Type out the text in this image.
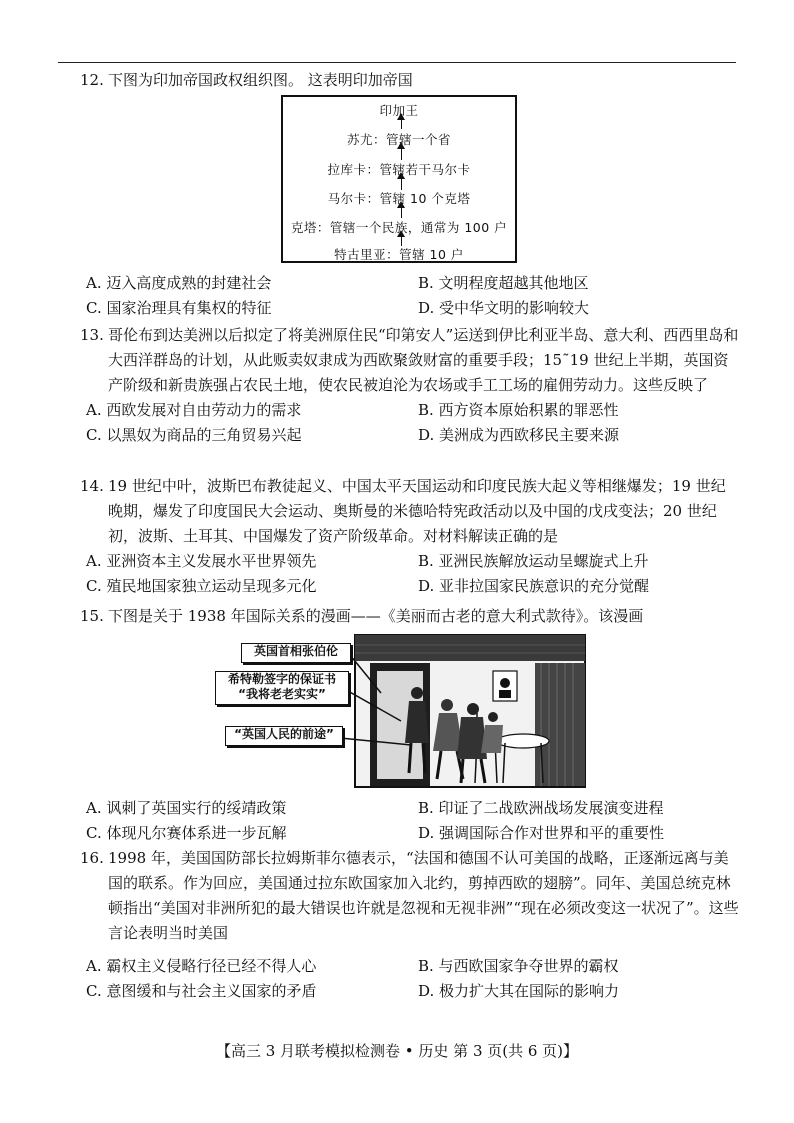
12. 下图为印加帝国政权组织图。 这表明印加帝国

印加王
苏尤：管辖一个省
拉库卡：管辖若干马尔卡
马尔卡：管辖 10 个克塔
克塔：管辖一个民族，通常为 100 户
特古里亚：管辖 10 户
A. 迈入高度成熟的封建社会	B. 文明程度超越其他地区
C. 国家治理具有集权的特征	D. 受中华文明的影响较大

13. 哥伦布到达美洲以后拟定了将美洲原住民“印第安人”运送到伊比利亚半岛、意大利、西西里岛和大西洋群岛的计划，从此贩卖奴隶成为西欧聚敛财富的重要手段；15˜19 世纪上半期，英国资产阶级和新贵族强占农民土地，使农民被迫沦为农场或手工工场的雇佣劳动力。这些反映了

A. 西欧发展对自由劳动力的需求	B. 西方资本原始积累的罪恶性
C. 以黑奴为商品的三角贸易兴起	D. 美洲成为西欧移民主要来源

14. 19 世纪中叶，波斯巴布教徒起义、中国太平天国运动和印度民族大起义等相继爆发；19 世纪晚期，爆发了印度国民大会运动、奥斯曼的米德哈特宪政活动以及中国的戊戌变法；20 世纪初，波斯、土耳其、中国爆发了资产阶级革命。对材料解读正确的是

A. 亚洲资本主义发展水平世界领先	B. 亚洲民族解放运动呈螺旋式上升
C. 殖民地国家独立运动呈现多元化	D. 亚非拉国家民族意识的充分觉醒

15. 下图是关于 1938 年国际关系的漫画——《美丽而古老的意大利式款待》。该漫画

英国首相张伯伦
希特勒签字的保证书
“我将老老实实”
“英国人民的前途”
A. 讽刺了英国实行的绥靖政策	B. 印证了二战欧洲战场发展演变进程
C. 体现凡尔赛体系进一步瓦解	D. 强调国际合作对世界和平的重要性

16. 1998 年，美国国防部长拉姆斯菲尔德表示，“法国和德国不认可美国的战略，正逐渐远离与美国的联系。作为回应，美国通过拉东欧国家加入北约，剪掉西欧的翅膀”。同年、美国总统克林顿指出“美国对非洲所犯的最大错误也许就是忽视和无视非洲”“现在必须改变这一状况了”。这些言论表明当时美国

A. 霸权主义侵略行径已经不得人心	B. 与西欧国家争夺世界的霸权
C. 意图缓和与社会主义国家的矛盾	D. 极力扩大其在国际的影响力
【高三 3 月联考模拟检测卷 • 历史 第 3 页(共 6 页)】
